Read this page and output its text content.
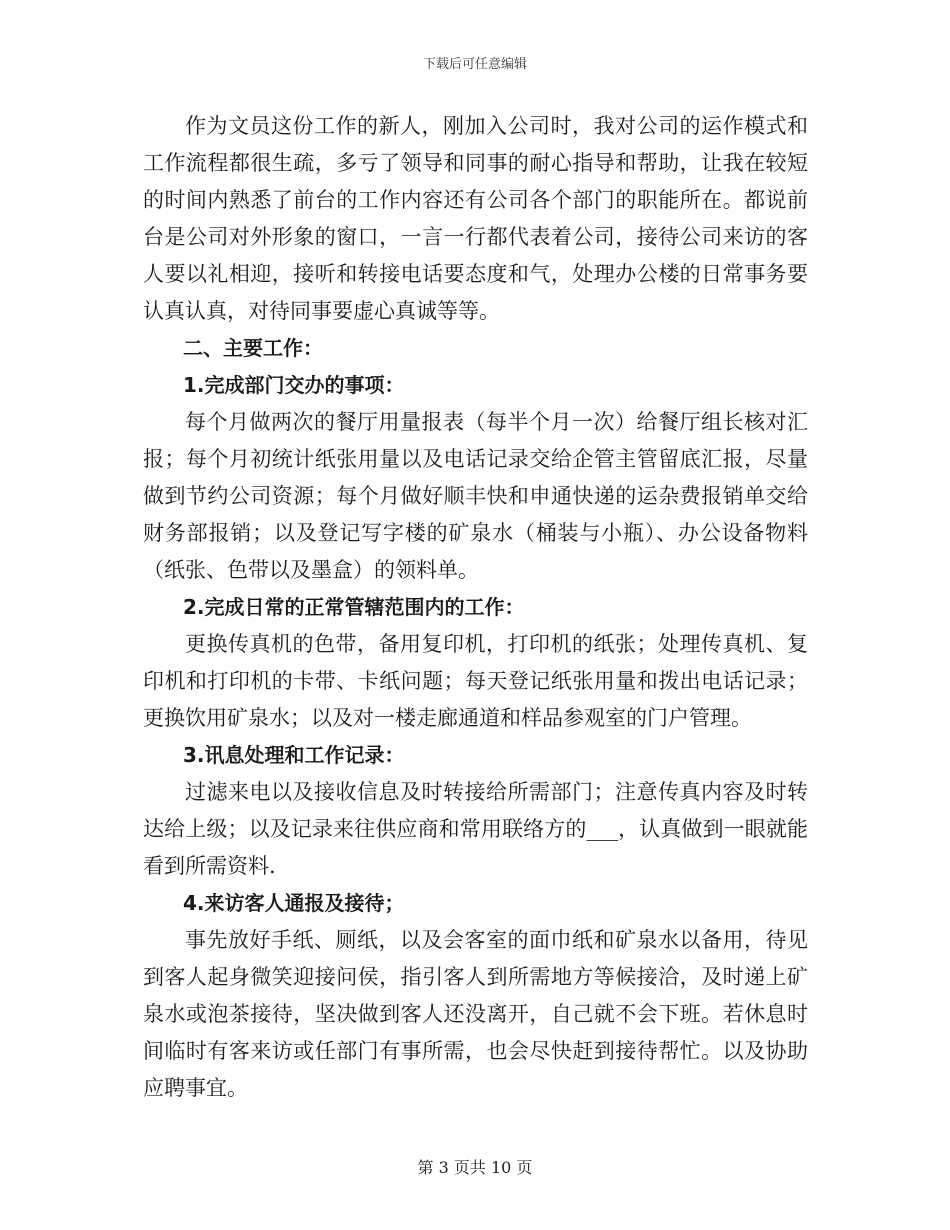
下载后可任意编辑

作为文员这份工作的新人，刚加入公司时，我对公司的运作模式和工作流程都很生疏，多亏了领导和同事的耐心指导和帮助，让我在较短的时间内熟悉了前台的工作内容还有公司各个部门的职能所在。都说前台是公司对外形象的窗口，一言一行都代表着公司，接待公司来访的客人要以礼相迎，接听和转接电话要态度和气，处理办公楼的日常事务要认真认真，对待同事要虚心真诚等等。

二、主要工作：

1.完成部门交办的事项：

每个月做两次的餐厅用量报表（每半个月一次）给餐厅组长核对汇报；每个月初统计纸张用量以及电话记录交给企管主管留底汇报，尽量做到节约公司资源；每个月做好顺丰快和申通快递的运杂费报销单交给财务部报销；以及登记写字楼的矿泉水（桶装与小瓶）、办公设备物料（纸张、色带以及墨盒）的领料单。

2.完成日常的正常管辖范围内的工作：

更换传真机的色带，备用复印机，打印机的纸张；处理传真机、复印机和打印机的卡带、卡纸问题；每天登记纸张用量和拨出电话记录；更换饮用矿泉水；以及对一楼走廊通道和样品参观室的门户管理。

3.讯息处理和工作记录：

过滤来电以及接收信息及时转接给所需部门；注意传真内容及时转达给上级；以及记录来往供应商和常用联络方的___，认真做到一眼就能看到所需资料.

4.来访客人通报及接待；

事先放好手纸、厕纸，以及会客室的面巾纸和矿泉水以备用，待见到客人起身微笑迎接问侯，指引客人到所需地方等候接洽，及时递上矿泉水或泡茶接待，坚决做到客人还没离开，自己就不会下班。若休息时间临时有客来访或任部门有事所需，也会尽快赶到接待帮忙。以及协助应聘事宜。

第 3 页共 10 页
